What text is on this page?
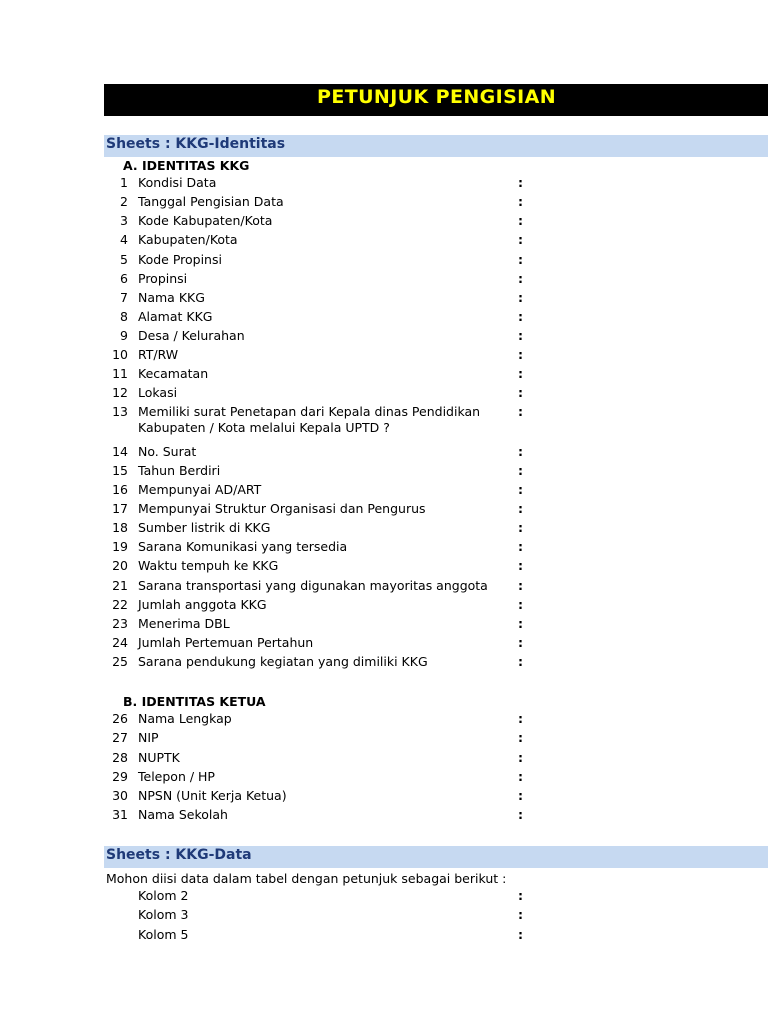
PETUNJUK PENGISIAN
Sheets : KKG-Identitas
A. IDENTITAS KKG
1 Kondisi Data	:
2 Tanggal Pengisian Data	:
3 Kode Kabupaten/Kota	:
4 Kabupaten/Kota	:
5 Kode Propinsi	:
6 Propinsi	:
7 Nama KKG	:
8 Alamat KKG	:
9 Desa / Kelurahan	:
10 RT/RW	:
11 Kecamatan	:
12 Lokasi	:
13 Memiliki surat Penetapan dari Kepala dinas Pendidikan Kabupaten / Kota melalui Kepala UPTD ?
:
14 No. Surat	:
15 Tahun Berdiri	:
16 Mempunyai AD/ART	:
17 Mempunyai Struktur Organisasi dan Pengurus	:
18 Sumber listrik di KKG	:
19 Sarana Komunikasi yang tersedia	:
20 Waktu tempuh ke KKG	:
21 Sarana transportasi yang digunakan mayoritas anggota :
22 Jumlah anggota KKG	:
23 Menerima DBL	:
24 Jumlah Pertemuan Pertahun	:
25 Sarana pendukung kegiatan yang dimiliki KKG	:
B. IDENTITAS KETUA
26 Nama Lengkap	:
27 NIP	:
28 NUPTK	:
29 Telepon / HP	:
30 NPSN (Unit Kerja Ketua)	:
31 Nama Sekolah	:
Sheets : KKG-Data
Mohon diisi data dalam tabel dengan petunjuk sebagai berikut :
Kolom 2	:
Kolom 3	:
Kolom 5	:
